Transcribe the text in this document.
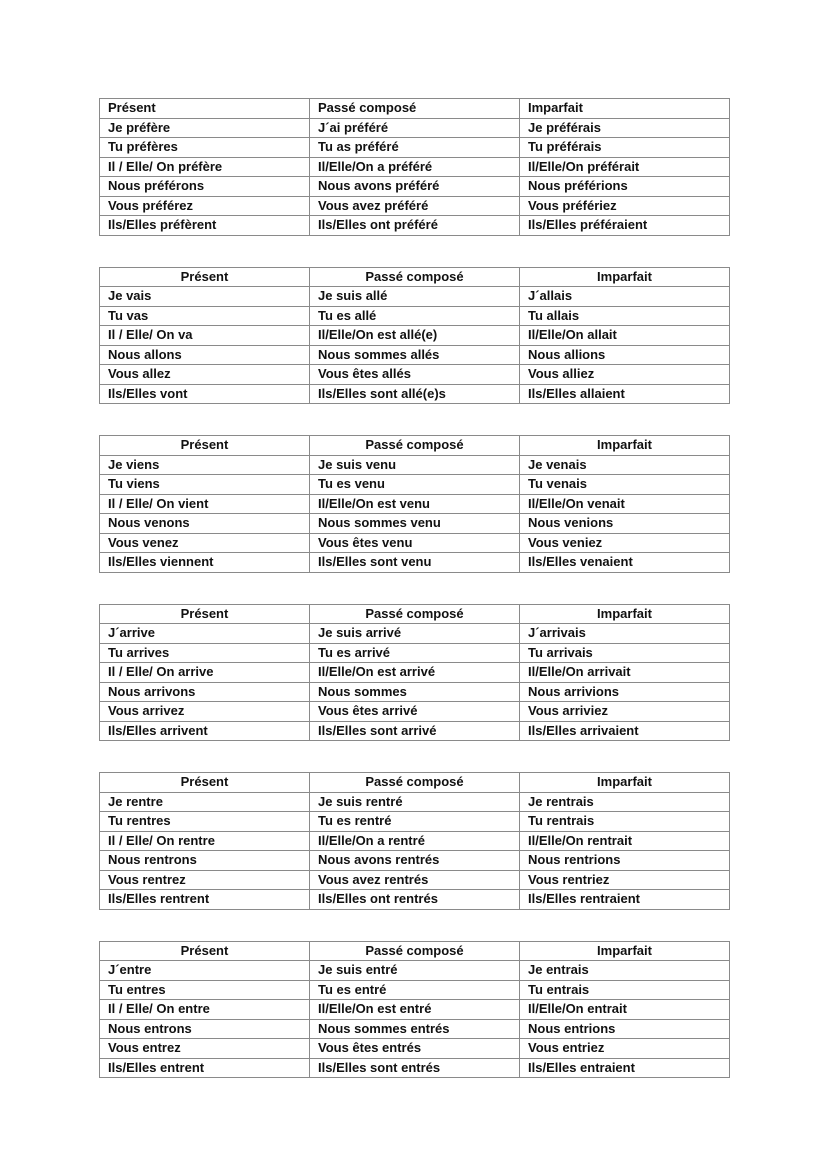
Présent	Passé composé	Imparfait
Je préfère	J´ai préféré	Je préférais
Tu préfères	Tu as préféré	Tu préférais
Il / Elle/ On préfère	Il/Elle/On a préféré	Il/Elle/On préférait
Nous préférons	Nous avons préféré	Nous préférions
Vous préférez	Vous avez préféré	Vous préfériez
Ils/Elles préfèrent	Ils/Elles ont préféré	Ils/Elles préféraient
Présent	Passé composé	Imparfait
Je vais	Je suis allé	J´allais
Tu vas	Tu es allé	Tu allais
Il / Elle/ On va	Il/Elle/On est allé(e)	Il/Elle/On allait
Nous allons	Nous sommes allés	Nous allions
Vous allez	Vous êtes allés	Vous alliez
Ils/Elles vont	Ils/Elles sont allé(e)s	Ils/Elles allaient
Présent	Passé composé	Imparfait
Je viens	Je suis venu	Je venais
Tu viens	Tu es venu	Tu venais
Il / Elle/ On vient	Il/Elle/On est venu	Il/Elle/On venait
Nous venons	Nous sommes venu	Nous venions
Vous venez	Vous êtes venu	Vous veniez
Ils/Elles viennent	Ils/Elles sont venu	Ils/Elles venaient
Présent	Passé composé	Imparfait
J´arrive	Je suis arrivé	J´arrivais
Tu arrives	Tu es arrivé	Tu arrivais
Il / Elle/ On arrive	Il/Elle/On est arrivé	Il/Elle/On arrivait
Nous arrivons	Nous sommes	Nous arrivions
Vous arrivez	Vous êtes arrivé	Vous arriviez
Ils/Elles arrivent	Ils/Elles sont arrivé	Ils/Elles arrivaient
Présent	Passé composé	Imparfait
Je rentre	Je suis rentré	Je rentrais
Tu rentres	Tu es rentré	Tu rentrais
Il / Elle/ On rentre	Il/Elle/On a rentré	Il/Elle/On rentrait
Nous rentrons	Nous avons rentrés	Nous rentrions
Vous rentrez	Vous avez rentrés	Vous rentriez
Ils/Elles rentrent	Ils/Elles ont rentrés	Ils/Elles rentraient
Présent	Passé composé	Imparfait
J´entre	Je suis entré	Je entrais
Tu entres	Tu es entré	Tu entrais
Il / Elle/ On entre	Il/Elle/On est entré	Il/Elle/On entrait
Nous entrons	Nous sommes entrés	Nous entrions
Vous entrez	Vous êtes entrés	Vous entriez
Ils/Elles entrent	Ils/Elles sont entrés	Ils/Elles entraient
